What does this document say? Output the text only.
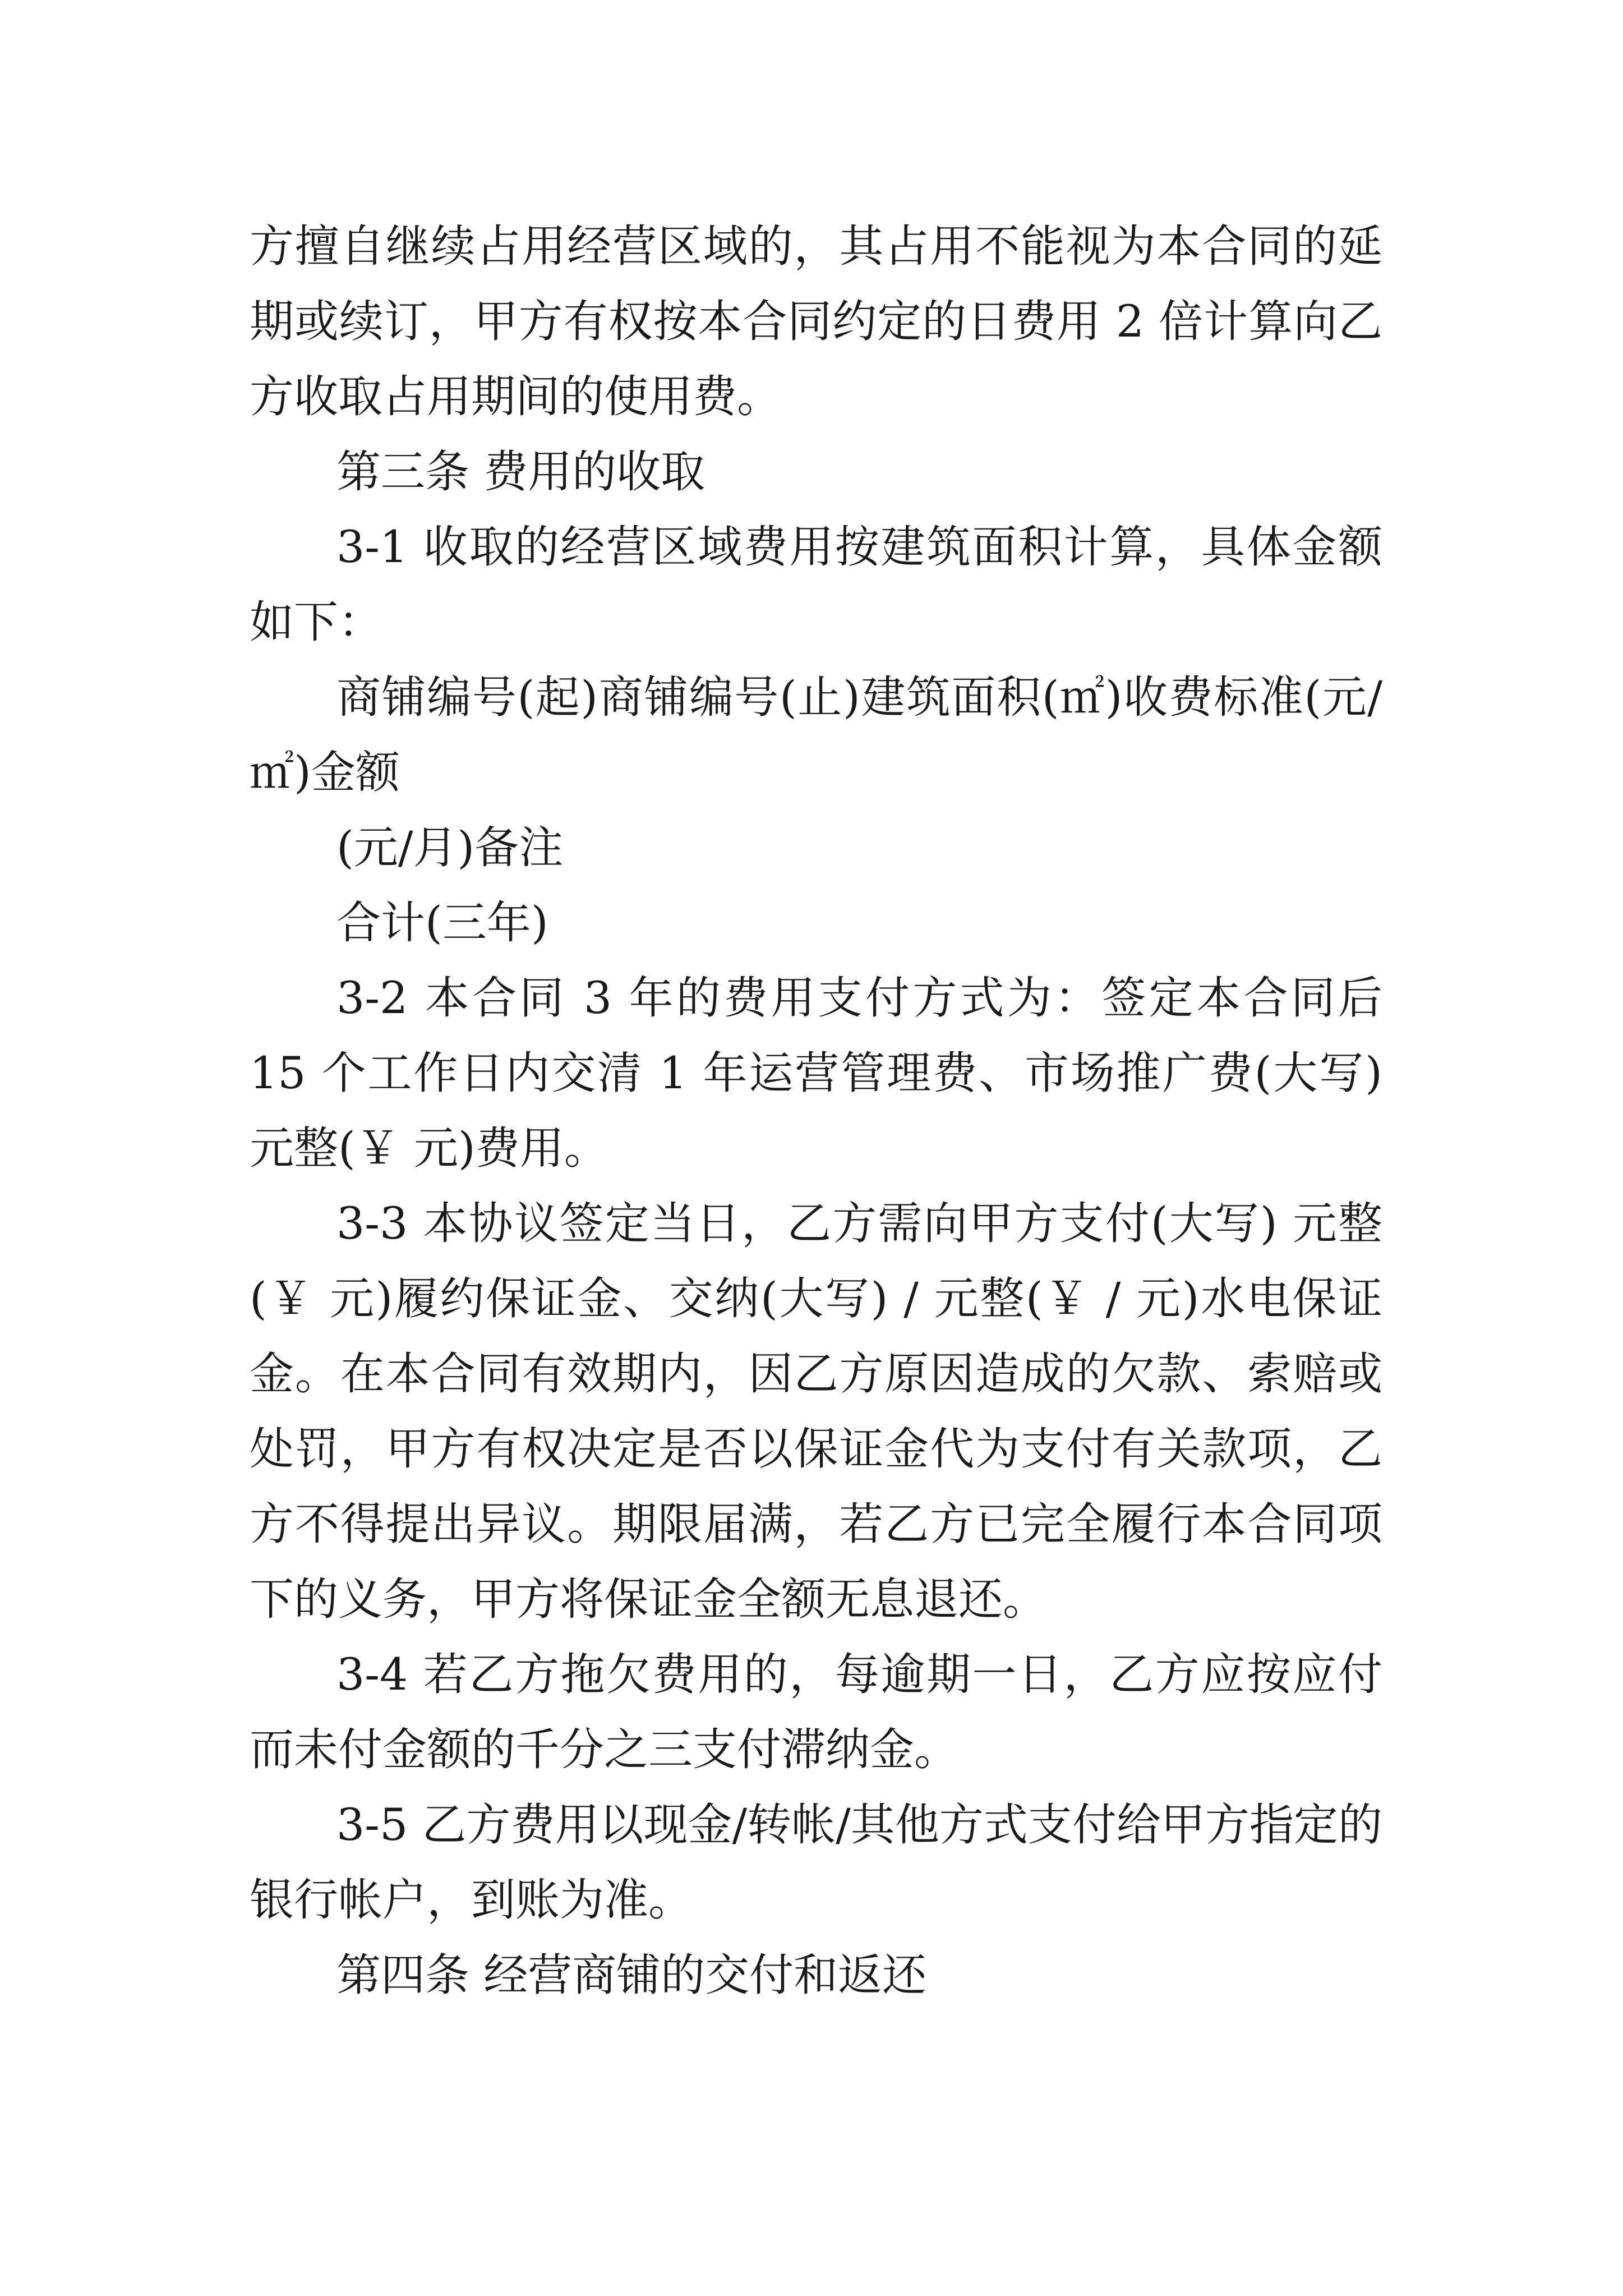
方擅自继续占用经营区域的，其占用不能视为本合同的延期或续订，甲方有权按本合同约定的日费用 2 倍计算向乙方收取占用期间的使用费。

第三条 费用的收取

3-1 收取的经营区域费用按建筑面积计算，具体金额如下：

商铺编号(起)商铺编号(止)建筑面积(㎡)收费标准(元/㎡)金额

(元/月)备注

合计(三年)

3-2 本合同 3 年的费用支付方式为：签定本合同后 15 个工作日内交清 1 年运营管理费、市场推广费(大写) 元整(￥ 元)费用。

3-3 本协议签定当日，乙方需向甲方支付(大写) 元整(￥ 元)履约保证金、交纳(大写) / 元整(￥ / 元)水电保证金。在本合同有效期内，因乙方原因造成的欠款、索赔或处罚，甲方有权决定是否以保证金代为支付有关款项，乙方不得提出异议。期限届满，若乙方已完全履行本合同项下的义务，甲方将保证金全额无息退还。

3-4 若乙方拖欠费用的，每逾期一日，乙方应按应付而未付金额的千分之三支付滞纳金。

3-5 乙方费用以现金/转帐/其他方式支付给甲方指定的银行帐户，到账为准。

第四条 经营商铺的交付和返还
